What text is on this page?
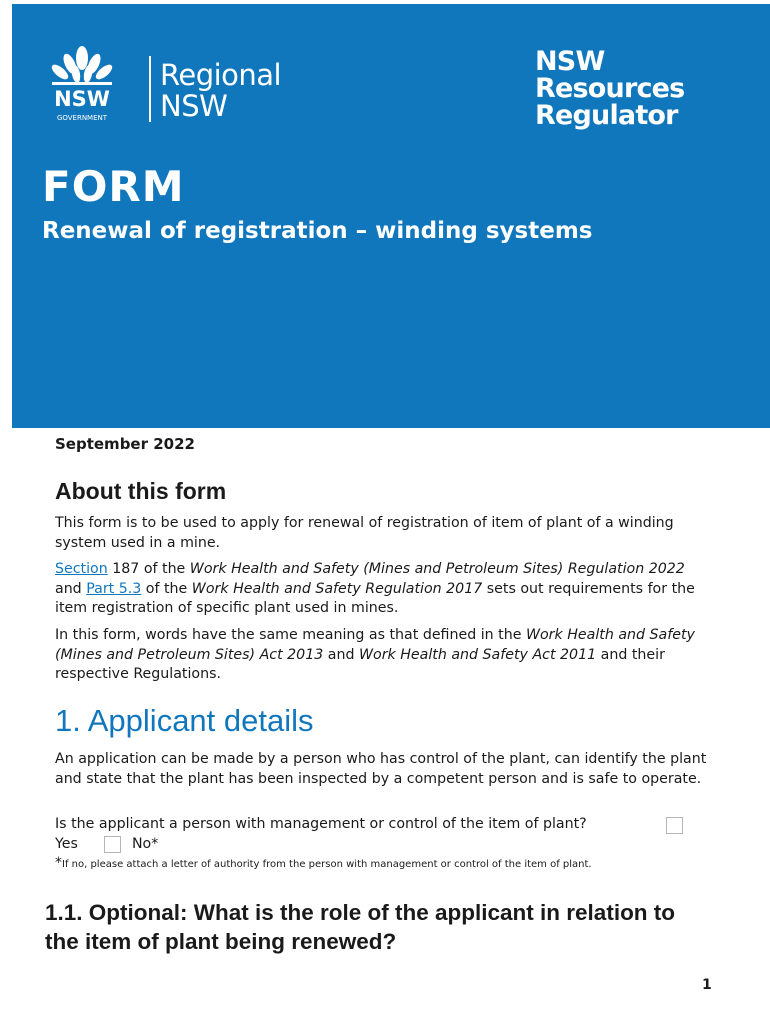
NSW
GOVERNMENT
Regional
NSW
NSW
Resources
Regulator
FORM
Renewal of registration – winding systems
September 2022
About this form

This form is to be used to apply for renewal of registration of item of plant of a winding system used in a mine.

Section 187 of the Work Health and Safety (Mines and Petroleum Sites) Regulation 2022 and Part 5.3 of the Work Health and Safety Regulation 2017 sets out requirements for the item registration of specific plant used in mines.

In this form, words have the same meaning as that defined in the Work Health and Safety (Mines and Petroleum Sites) Act 2013 and Work Health and Safety Act 2011 and their respective Regulations.

1. Applicant details

An application can be made by a person who has control of the plant, can identify the plant and state that the plant has been inspected by a competent person and is safe to operate.

Is the applicant a person with management or control of the item of plant?

Yes	No*
*If no, please attach a letter of authority from the person with management or control of the item of plant.
1.1. Optional: What is the role of the applicant in relation to the item of plant being renewed?
1
